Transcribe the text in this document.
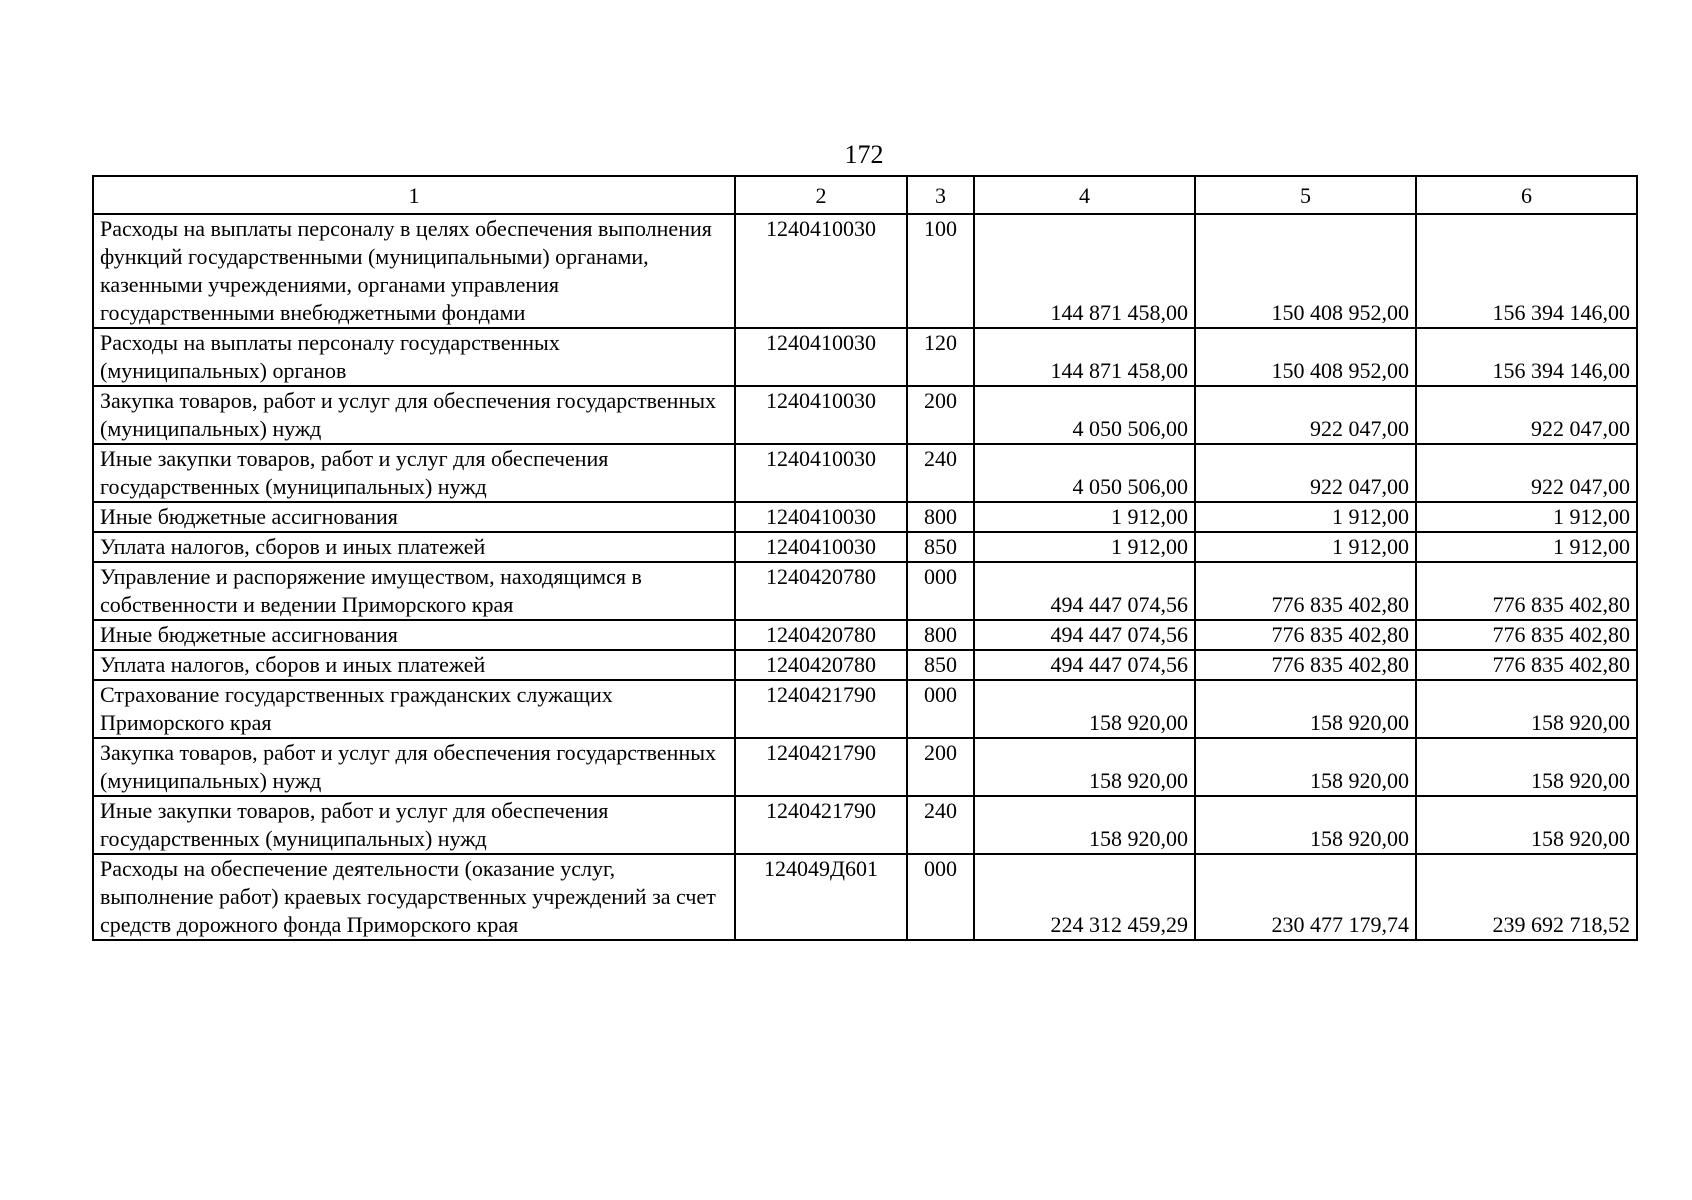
172
1	2	3	4	5	6
Расходы на выплаты персоналу в целях обеспечения выполнения функций государственными (муниципальными) органами, казенными учреждениями, органами управления государственными внебюджетными фондами	1240410030	100	144 871 458,00	150 408 952,00	156 394 146,00
Расходы на выплаты персоналу государственных (муниципальных) органов	1240410030	120	144 871 458,00	150 408 952,00	156 394 146,00
Закупка товаров, работ и услуг для обеспечения государственных (муниципальных) нужд	1240410030	200	4 050 506,00	922 047,00	922 047,00
Иные закупки товаров, работ и услуг для обеспечения государственных (муниципальных) нужд	1240410030	240	4 050 506,00	922 047,00	922 047,00
Иные бюджетные ассигнования	1240410030	800	1 912,00	1 912,00	1 912,00
Уплата налогов, сборов и иных платежей	1240410030	850	1 912,00	1 912,00	1 912,00
Управление и распоряжение имуществом, находящимся в собственности и ведении Приморского края	1240420780	000	494 447 074,56	776 835 402,80	776 835 402,80
Иные бюджетные ассигнования	1240420780	800	494 447 074,56	776 835 402,80	776 835 402,80
Уплата налогов, сборов и иных платежей	1240420780	850	494 447 074,56	776 835 402,80	776 835 402,80
Страхование государственных гражданских служащих Приморского края	1240421790	000	158 920,00	158 920,00	158 920,00
Закупка товаров, работ и услуг для обеспечения государственных (муниципальных) нужд	1240421790	200	158 920,00	158 920,00	158 920,00
Иные закупки товаров, работ и услуг для обеспечения государственных (муниципальных) нужд	1240421790	240	158 920,00	158 920,00	158 920,00
Расходы на обеспечение деятельности (оказание услуг, выполнение работ) краевых государственных учреждений за счет средств дорожного фонда Приморского края	124049Д601	000	224 312 459,29	230 477 179,74	239 692 718,52
